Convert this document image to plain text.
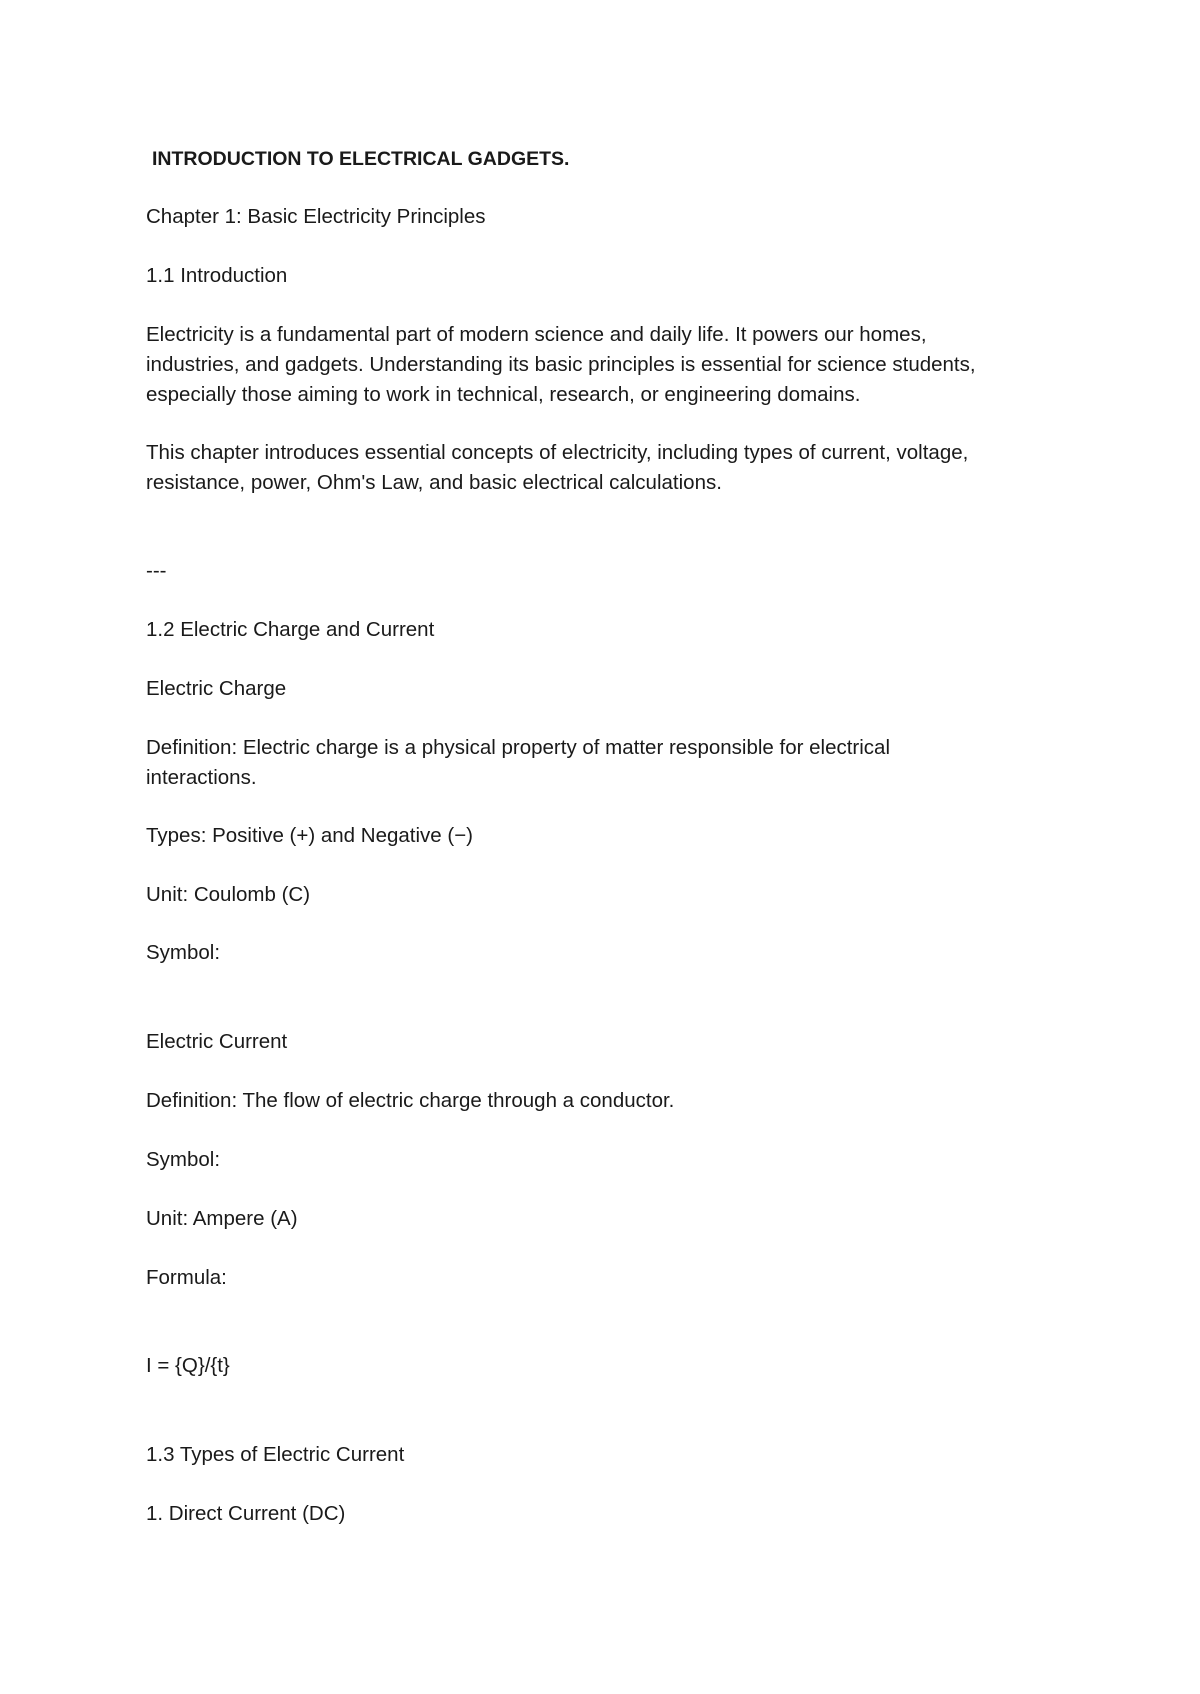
INTRODUCTION TO ELECTRICAL GADGETS.

Chapter 1: Basic Electricity Principles

1.1 Introduction

Electricity is a fundamental part of modern science and daily life. It powers our homes,
industries, and gadgets. Understanding its basic principles is essential for science students,
especially those aiming to work in technical, research, or engineering domains.
This chapter introduces essential concepts of electricity, including types of current, voltage,
resistance, power, Ohm's Law, and basic electrical calculations.

---

1.2 Electric Charge and Current

Electric Charge

Definition: Electric charge is a physical property of matter responsible for electrical
interactions.

Types: Positive (+) and Negative (−)

Unit: Coulomb (C)

Symbol:

Electric Current

Definition: The flow of electric charge through a conductor.

Symbol:

Unit: Ampere (A)

Formula:

I = {Q}/{t}

1.3 Types of Electric Current

1. Direct Current (DC)
